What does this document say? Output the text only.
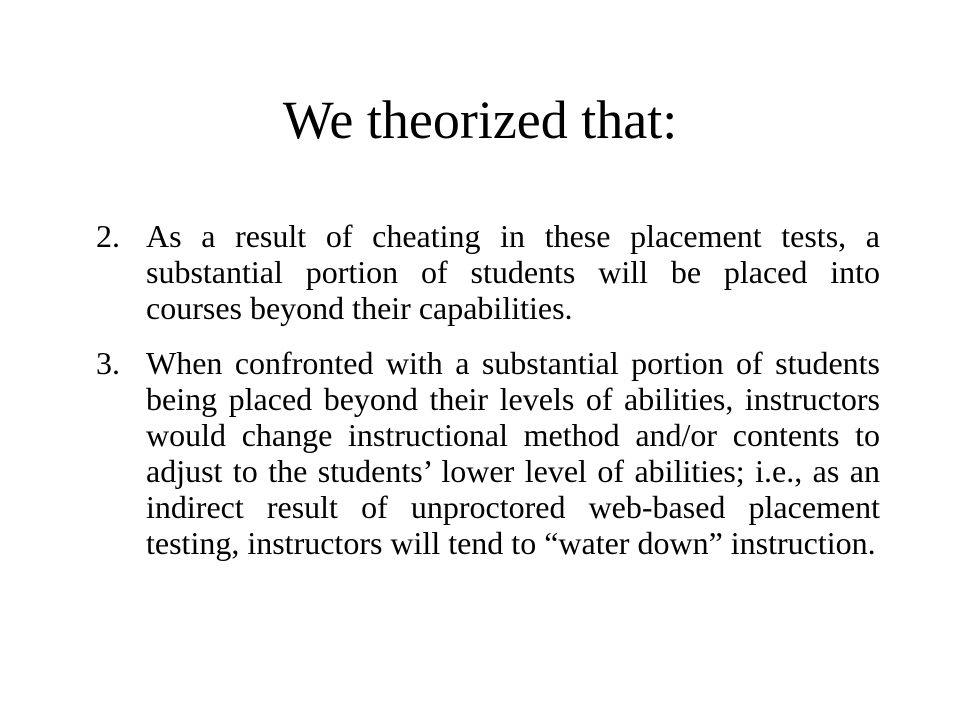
We theorized that:
2. As a result of cheating in these placement tests, a substantial portion of students will be placed into courses beyond their capabilities.
3. When confronted with a substantial portion of students being placed beyond their levels of abilities, instructors would change instructional method and/or contents to adjust to the students’ lower level of abilities; i.e., as an indirect result of unproctored web-based placement testing, instructors will tend to “water down” instruction.
